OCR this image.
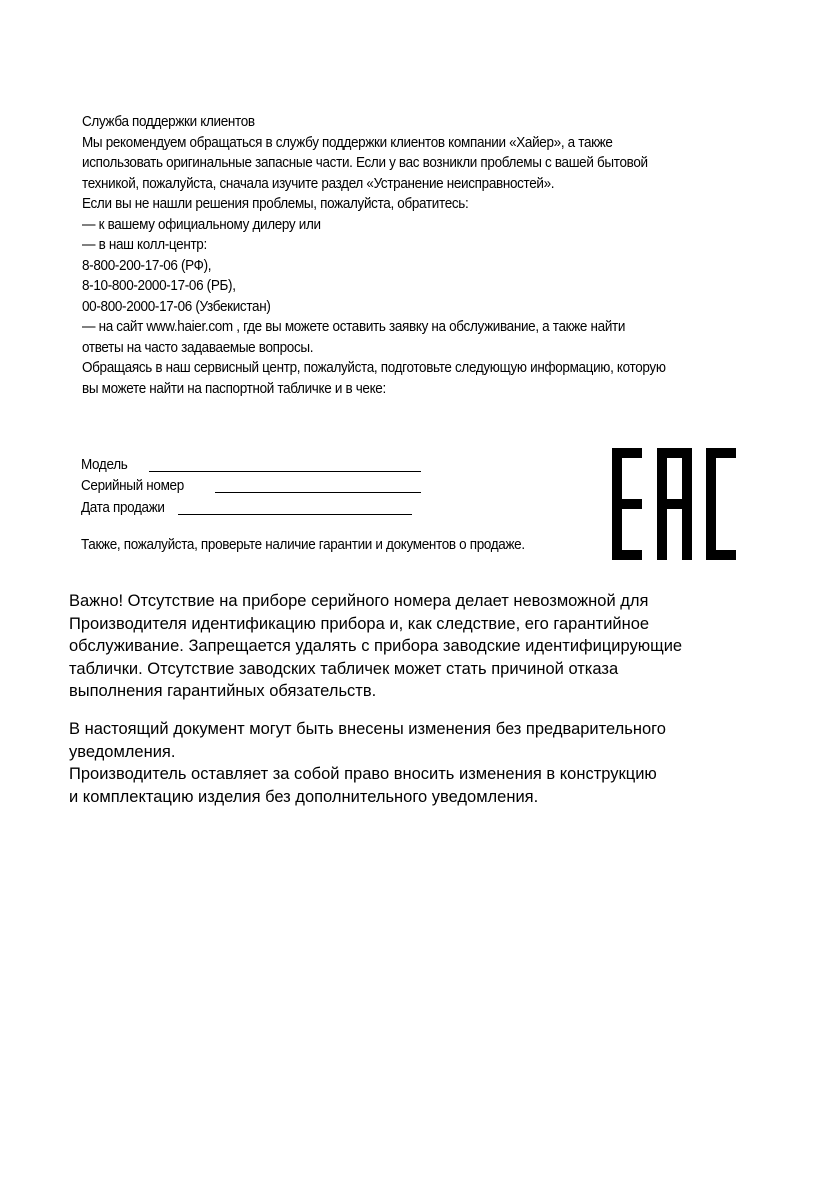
Служба поддержки клиентов
Мы рекомендуем обращаться в службу поддержки клиентов компании «Хайер», а также
использовать оригинальные запасные части. Если у вас возникли проблемы с вашей бытовой
техникой, пожалуйста, сначала изучите раздел «Устранение неисправностей».
Если вы не нашли решения проблемы, пожалуйста, обратитесь:
— к вашему официальному дилеру или
— в наш колл-центр:
8-800-200-17-06 (РФ),
8-10-800-2000-17-06 (РБ),
00-800-2000-17-06 (Узбекистан)
— на сайт www.haier.com , где вы можете оставить заявку на обслуживание, а также найти
ответы на часто задаваемые вопросы.
Обращаясь в наш сервисный центр, пожалуйста, подготовьте следующую информацию, которую
вы можете найти на паспортной табличке и в чеке:
Модель
Серийный номер
Дата продажи
Также, пожалуйста, проверьте наличие гарантии и документов о продаже.
Важно! Отсутствие на приборе серийного номера делает невозможной для
Производителя идентификацию прибора и, как следствие, его гарантийное
обслуживание. Запрещается удалять с прибора заводские идентифицирующие
таблички. Отсутствие заводских табличек может стать причиной отказа
выполнения гарантийных обязательств.
В настоящий документ могут быть внесены изменения без предварительного
уведомления.
Производитель оставляет за собой право вносить изменения в конструкцию
и комплектацию изделия без дополнительного уведомления.
